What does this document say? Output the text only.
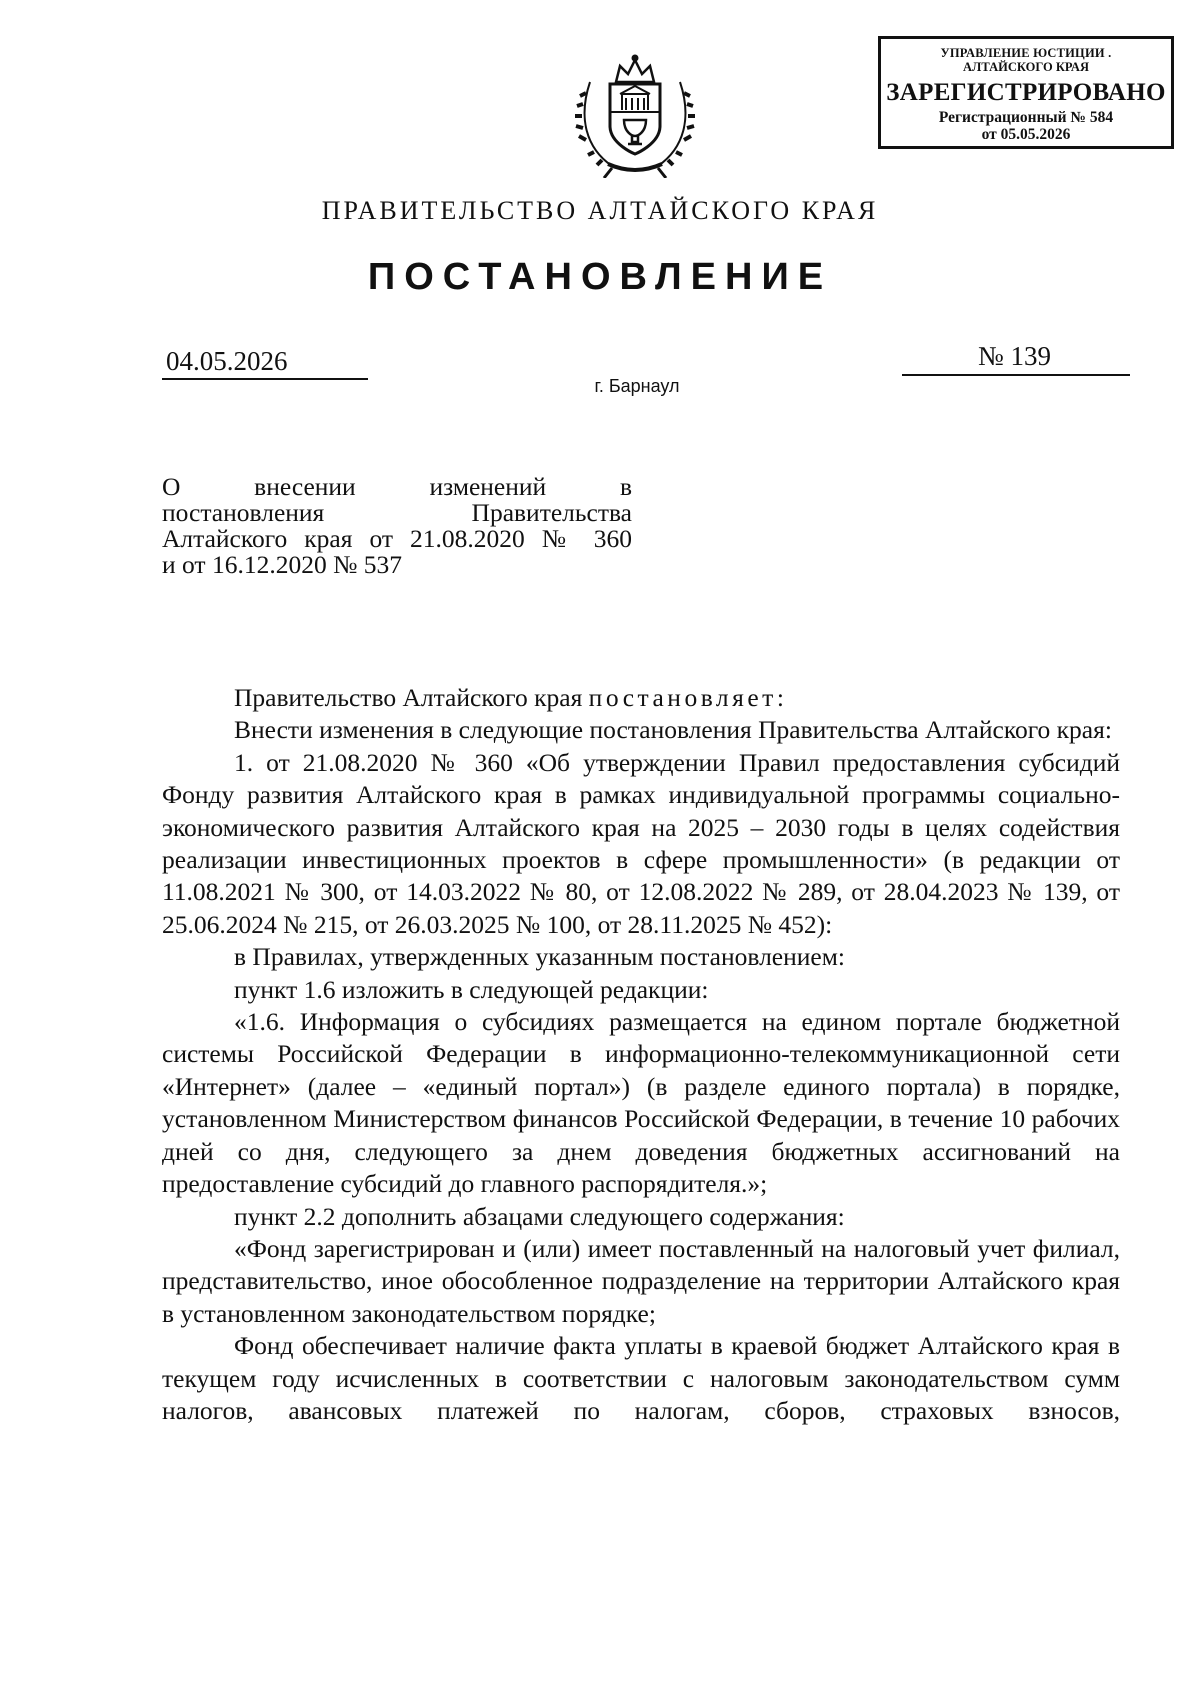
УПРАВЛЕНИЕ ЮСТИЦИИ .
АЛТАЙСКОГО КРАЯ
ЗАРЕГИСТРИРОВАНО
Регистрационный № 584
от 05.05.2026
ПРАВИТЕЛЬСТВО АЛТАЙСКОГО КРАЯ
ПОСТАНОВЛЕНИЕ
04.05.2026	№ 139
г. Барнаул
О внесении изменений в
постановления Правительства
Алтайского края от 21.08.2020 № 360
и от 16.12.2020 № 537

Правительство Алтайского края постановляет:

Внести изменения в следующие постановления Правительства Алтайского края:

1. от 21.08.2020 № 360 «Об утверждении Правил предоставления субсидий Фонду развития Алтайского края в рамках индивидуальной программы социально-экономического развития Алтайского края на 2025 – 2030 годы в целях содействия реализации инвестиционных проектов в сфере промышленности» (в редакции от 11.08.2021 № 300, от 14.03.2022 № 80, от 12.08.2022 № 289, от 28.04.2023 № 139, от 25.06.2024 № 215, от 26.03.2025 № 100, от 28.11.2025 № 452):

в Правилах, утвержденных указанным постановлением:

пункт 1.6 изложить в следующей редакции:

«1.6. Информация о субсидиях размещается на едином портале бюджетной системы Российской Федерации в информационно-телекоммуникационной сети «Интернет» (далее – «единый портал») (в разделе единого портала) в порядке, установленном Министерством финансов Российской Федерации, в течение 10 рабочих дней со дня, следующего за днем доведения бюджетных ассигнований на предоставление субсидий до главного распорядителя.»;

пункт 2.2 дополнить абзацами следующего содержания:

«Фонд зарегистрирован и (или) имеет поставленный на налоговый учет филиал, представительство, иное обособленное подразделение на территории Алтайского края в установленном законодательством порядке;

Фонд обеспечивает наличие факта уплаты в краевой бюджет Алтайского края в текущем году исчисленных в соответствии с налоговым законодательством сумм налогов, авансовых платежей по налогам, сборов, страховых взносов,
